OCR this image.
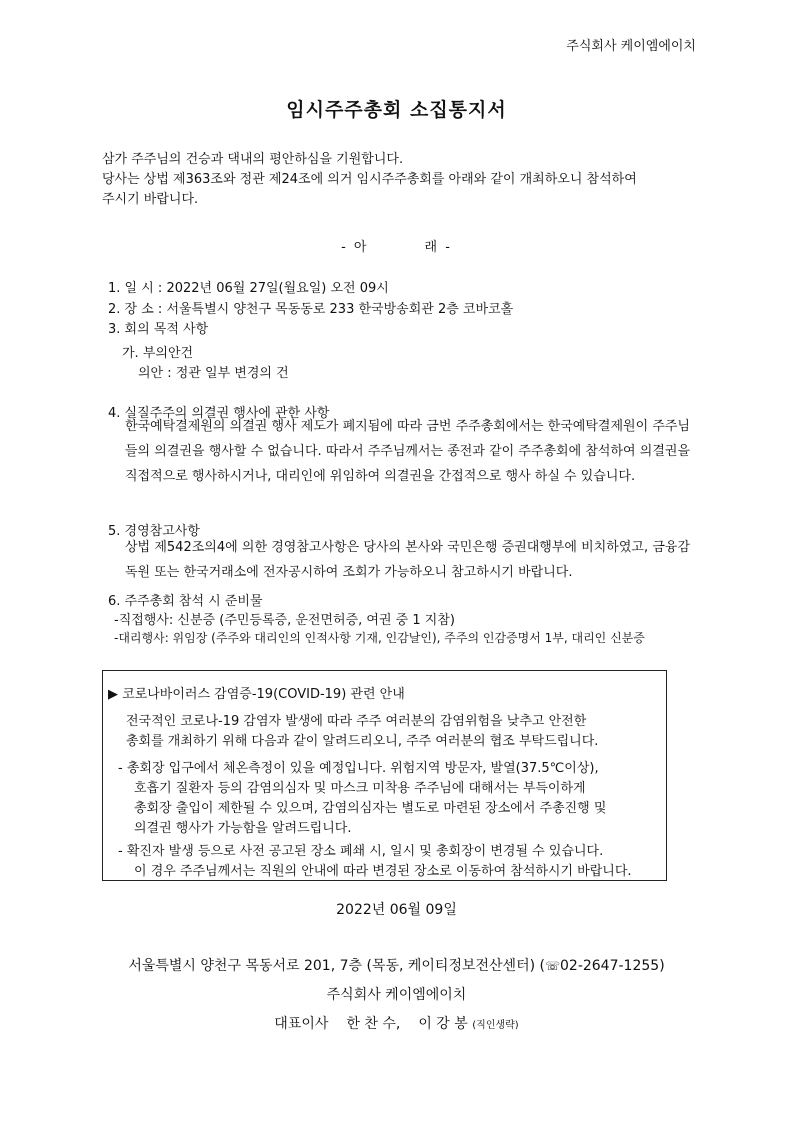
주식회사 케이엠에이치
임시주주총회 소집통지서
삼가 주주님의 건승과 댁내의 평안하심을 기원합니다.
당사는 상법 제363조와 정관 제24조에 의거 임시주주총회를 아래와 같이 개최하오니 참석하여
주시기 바랍니다.
- 아	래 -
1. 일 시 : 2022년 06월 27일(월요일) 오전 09시
2. 장 소 : 서울특별시 양천구 목동동로 233 한국방송회관 2층 코바코홀
3. 회의 목적 사항
가. 부의안건
의안 : 정관 일부 변경의 건
4. 실질주주의 의결권 행사에 관한 사항
한국예탁결제원의 의결권 행사 제도가 폐지됨에 따라 금번 주주총회에서는 한국예탁결제원이 주주님들의 의결권을 행사할 수 없습니다. 따라서 주주님께서는 종전과 같이 주주총회에 참석하여 의결권을 직접적으로 행사하시거나, 대리인에 위임하여 의결권을 간접적으로 행사 하실 수 있습니다.
5. 경영참고사항
상법 제542조의4에 의한 경영참고사항은 당사의 본사와 국민은행 증권대행부에 비치하였고, 금융감독원 또는 한국거래소에 전자공시하여 조회가 가능하오니 참고하시기 바랍니다.
6. 주주총회 참석 시 준비물
-직접행사: 신분증 (주민등록증, 운전면허증, 여권 중 1 지참)
-대리행사: 위임장 (주주와 대리인의 인적사항 기재, 인감날인), 주주의 인감증명서 1부, 대리인 신분증
▶ 코로나바이러스 감염증-19(COVID-19) 관련 안내
전국적인 코로나-19 감염자 발생에 따라 주주 여러분의 감염위험을 낮추고 안전한
총회를 개최하기 위해 다음과 같이 알려드리오니, 주주 여러분의 협조 부탁드립니다.
- 총회장 입구에서 체온측정이 있을 예정입니다. 위험지역 방문자, 발열(37.5℃이상),
호흡기 질환자 등의 감염의심자 및 마스크 미착용 주주님에 대해서는 부득이하게
총회장 출입이 제한될 수 있으며, 감염의심자는 별도로 마련된 장소에서 주총진행 및
의결권 행사가 가능함을 알려드립니다.
- 확진자 발생 등으로 사전 공고된 장소 폐쇄 시, 일시 및 총회장이 변경될 수 있습니다.
이 경우 주주님께서는 직원의 안내에 따라 변경된 장소로 이동하여 참석하시기 바랍니다.
2022년 06월 09일
서울특별시 양천구 목동서로 201, 7층 (목동, 케이티정보전산센터) (☏02-2647-1255)
주식회사 케이엠에이치
대표이사 한 찬 수, 이 강 봉 (직인생략)
